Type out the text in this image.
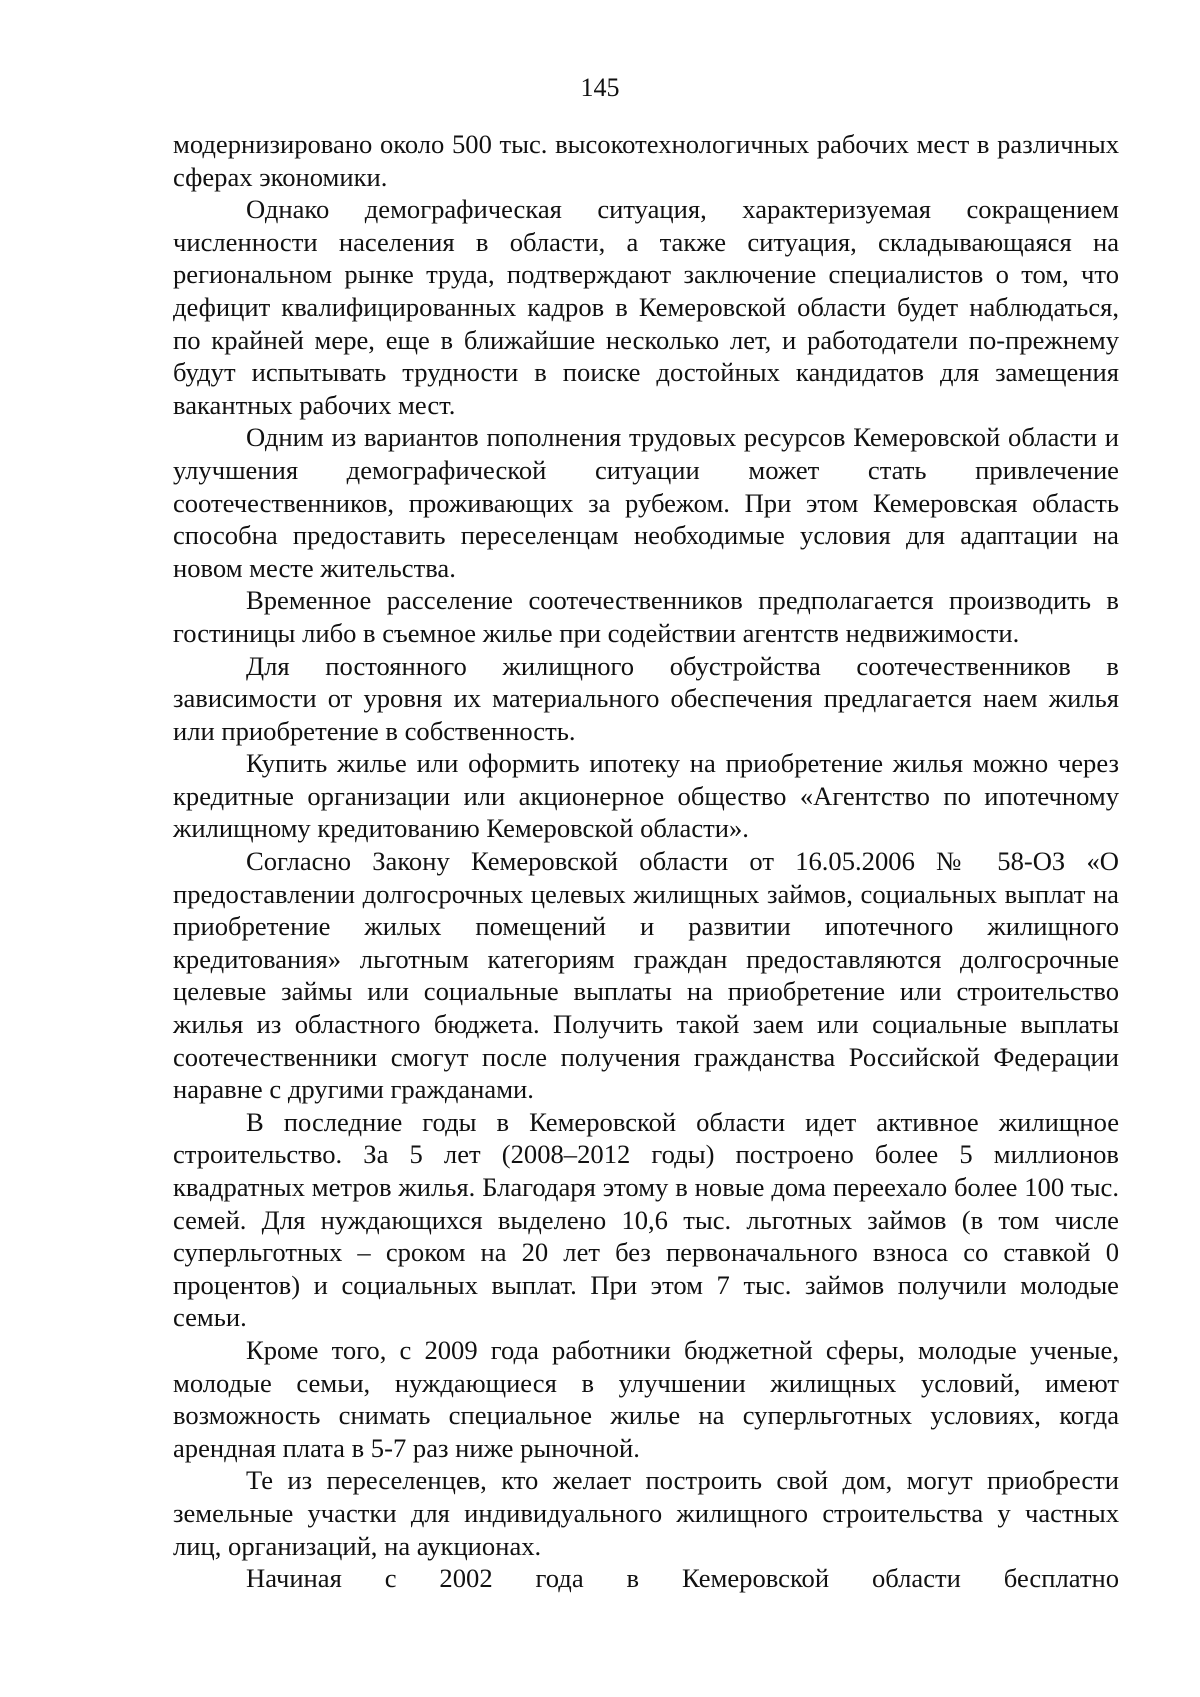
145

модернизировано около 500 тыс. высокотехнологичных рабочих мест в различных сферах экономики.

Однако демографическая ситуация, характеризуемая сокращением численности населения в области, а также ситуация, складывающаяся на региональном рынке труда, подтверждают заключение специалистов о том, что дефицит квалифицированных кадров в Кемеровской области будет наблюдаться, по крайней мере, еще в ближайшие несколько лет, и работодатели по-прежнему будут испытывать трудности в поиске достойных кандидатов для замещения вакантных рабочих мест.

Одним из вариантов пополнения трудовых ресурсов Кемеровской области и улучшения демографической ситуации может стать привлечение соотечественников, проживающих за рубежом. При этом Кемеровская область способна предоставить переселенцам необходимые условия для адаптации на новом месте жительства.

Временное расселение соотечественников предполагается производить в гостиницы либо в съемное жилье при содействии агентств недвижимости.

Для постоянного жилищного обустройства соотечественников в зависимости от уровня их материального обеспечения предлагается наем жилья или приобретение в собственность.

Купить жилье или оформить ипотеку на приобретение жилья можно через кредитные организации или акционерное общество «Агентство по ипотечному жилищному кредитованию Кемеровской области».

Согласно Закону Кемеровской области от 16.05.2006 № 58-ОЗ «О предоставлении долгосрочных целевых жилищных займов, социальных выплат на приобретение жилых помещений и развитии ипотечного жилищного кредитования» льготным категориям граждан предоставляются долгосрочные целевые займы или социальные выплаты на приобретение или строительство жилья из областного бюджета. Получить такой заем или социальные выплаты соотечественники смогут после получения гражданства Российской Федерации наравне с другими гражданами.

В последние годы в Кемеровской области идет активное жилищное строительство. За 5 лет (2008–2012 годы) построено более 5 миллионов квадратных метров жилья. Благодаря этому в новые дома переехало более 100 тыс. семей. Для нуждающихся выделено 10,6 тыс. льготных займов (в том числе суперльготных – сроком на 20 лет без первоначального взноса со ставкой 0 процентов) и социальных выплат. При этом 7 тыс. займов получили молодые семьи.

Кроме того, с 2009 года работники бюджетной сферы, молодые ученые, молодые семьи, нуждающиеся в улучшении жилищных условий, имеют возможность снимать специальное жилье на суперльготных условиях, когда арендная плата в 5-7 раз ниже рыночной.

Те из переселенцев, кто желает построить свой дом, могут приобрести земельные участки для индивидуального жилищного строительства у частных лиц, организаций, на аукционах.

Начиная с 2002 года в Кемеровской области бесплатно
